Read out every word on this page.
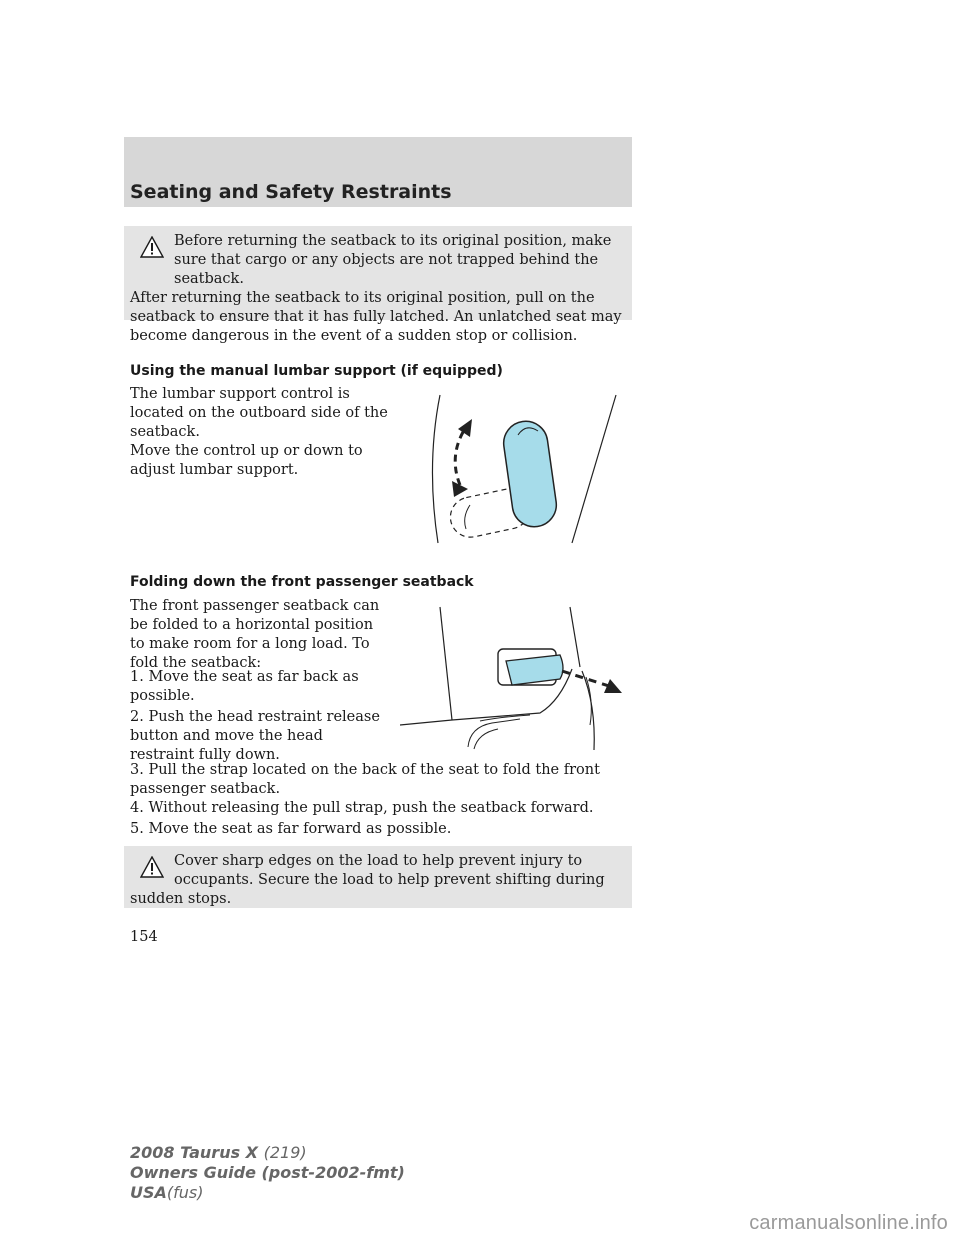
Seating and Safety Restraints
Before returning the seatback to its original position, make sure that cargo or any objects are not trapped behind the seatback.
After returning the seatback to its original position, pull on the seatback to ensure that it has fully latched. An unlatched seat may become dangerous in the event of a sudden stop or collision.
Using the manual lumbar support (if equipped)

The lumbar support control is located on the outboard side of the seatback.

Move the control up or down to adjust lumbar support.

Folding down the front passenger seatback

The front passenger seatback can be folded to a horizontal position to make room for a long load. To fold the seatback:

1. Move the seat as far back as possible.

2. Push the head restraint release button and move the head restraint fully down.

3. Pull the strap located on the back of the seat to fold the front passenger seatback.

4. Without releasing the pull strap, push the seatback forward.

5. Move the seat as far forward as possible.

Cover sharp edges on the load to help prevent injury to occupants. Secure the load to help prevent shifting during
sudden stops.
154
2008 Taurus X (219)
Owners Guide (post-2002-fmt)
USA(fus)
carmanualsonline.info
